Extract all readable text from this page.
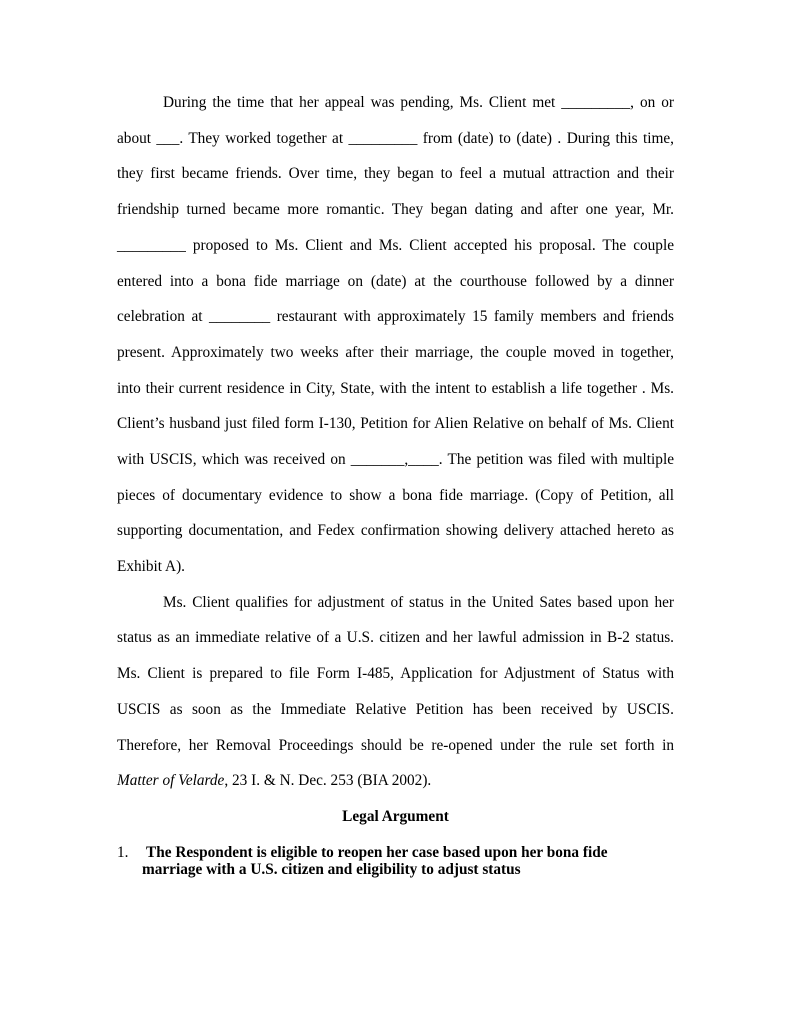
During the time that her appeal was pending, Ms. Client met _________, on or

about ___. They worked together at _________ from (date) to (date) . During this time,

they first became friends. Over time, they began to feel a mutual attraction and their

friendship turned became more romantic. They began dating and after one year, Mr.

_________ proposed to Ms. Client and Ms. Client accepted his proposal. The couple

entered into a bona fide marriage on (date) at the courthouse followed by a dinner

celebration at ________ restaurant with approximately 15 family members and friends

present. Approximately two weeks after their marriage, the couple moved in together,

into their current residence in City, State, with the intent to establish a life together . Ms.

Client’s husband just filed form I-130, Petition for Alien Relative on behalf of Ms. Client

with USCIS, which was received on _______,____. The petition was filed with multiple

pieces of documentary evidence to show a bona fide marriage. (Copy of Petition, all

supporting documentation, and Fedex confirmation showing delivery attached hereto as

Exhibit A).

Ms. Client qualifies for adjustment of status in the United Sates based upon her

status as an immediate relative of a U.S. citizen and her lawful admission in B-2 status.

Ms. Client is prepared to file Form I-485, Application for Adjustment of Status with

USCIS as soon as the Immediate Relative Petition has been received by USCIS.

Therefore, her Removal Proceedings should be re-opened under the rule set forth in

Matter of Velarde, 23 I. & N. Dec. 253 (BIA 2002).

Legal Argument

1. The Respondent is eligible to reopen her case based upon her bona fide
marriage with a U.S. citizen and eligibility to adjust status
